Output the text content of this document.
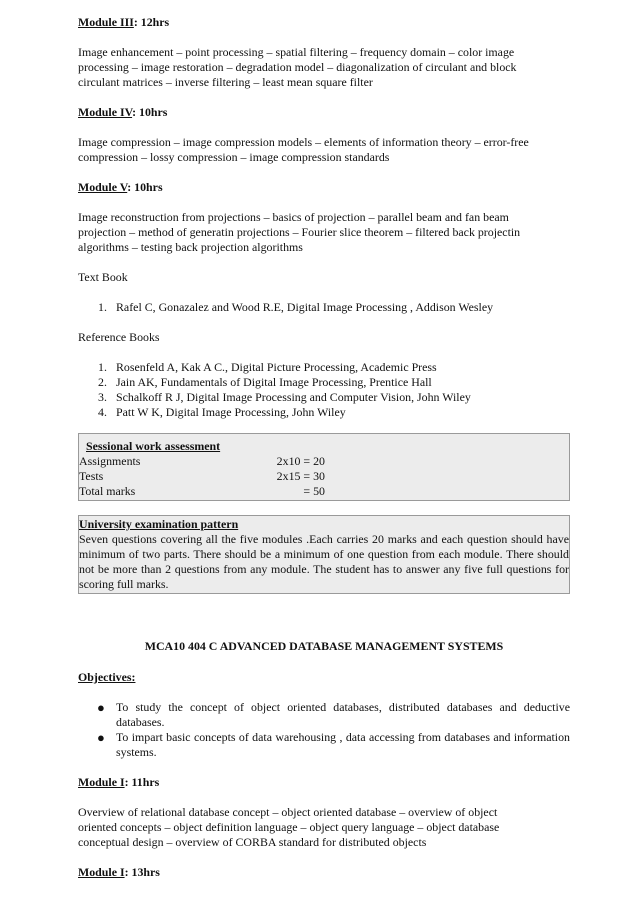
Module III: 12hrs

Image enhancement – point processing – spatial filtering – frequency domain – color image

processing – image restoration – degradation model – diagonalization of circulant and block

circulant matrices – inverse filtering – least mean square filter

Module IV: 10hrs

Image compression – image compression models – elements of information theory – error-free

compression – lossy compression – image compression standards

Module V: 10hrs

Image reconstruction from projections – basics of projection – parallel beam and fan beam

projection – method of generatin projections – Fourier slice theorem – filtered back projectin

algorithms – testing back projection algorithms

Text Book

1. Rafel C, Gonazalez and Wood R.E, Digital Image Processing , Addison Wesley

Reference Books

1. Rosenfeld A, Kak A C., Digital Picture Processing, Academic Press
2. Jain AK, Fundamentals of Digital Image Processing, Prentice Hall
3. Schalkoff R J, Digital Image Processing and Computer Vision, John Wiley
4. Patt W K, Digital Image Processing, John Wiley
Sessional work assessment
Assignments	2x10 = 20
Tests	2x15 = 30
Total marks	= 50
University examination pattern
Seven questions covering all the five modules .Each carries 20 marks and each question should have minimum of two parts. There should be a minimum of one question from each module. There should not be more than 2 questions from any module. The student has to answer any five full questions for scoring full marks.

MCA10 404 C ADVANCED DATABASE MANAGEMENT SYSTEMS

Objectives:

● To study the concept of object oriented databases, distributed databases and deductive databases.
● To impart basic concepts of data warehousing , data accessing from databases and information systems.

Module I: 11hrs

Overview of relational database concept – object oriented database – overview of object

oriented concepts – object definition language – object query language – object database

conceptual design – overview of CORBA standard for distributed objects

Module I: 13hrs
